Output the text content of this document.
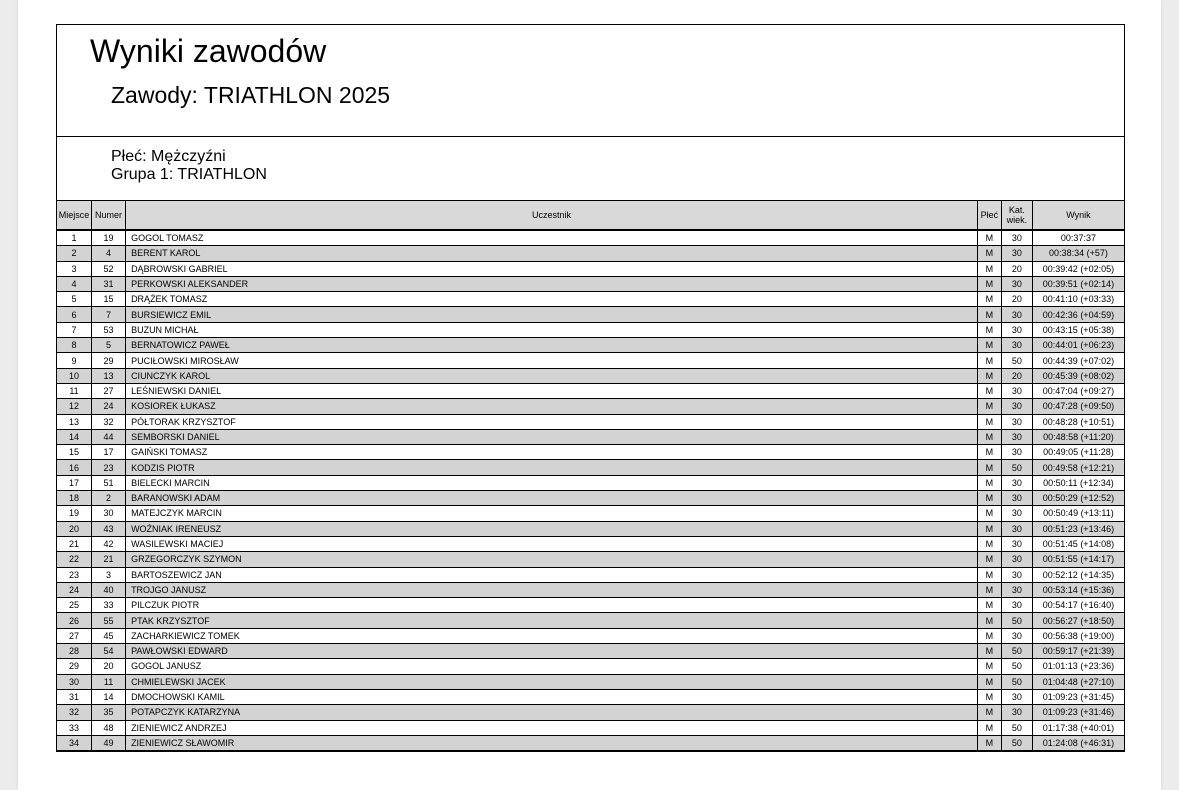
Wyniki zawodów
Zawody: TRIATHLON 2025
Płeć: Mężczyźni
Grupa 1: TRIATHLON
Miejsce	Numer	Uczestnik	Płeć	Kat. wiek.	Wynik
1	19	GOGOL TOMASZ	M	30	00:37:37
2	4	BERENT KAROL	M	30	00:38:34 (+57)
3	52	DĄBROWSKI GABRIEL	M	20	00:39:42 (+02:05)
4	31	PERKOWSKI ALEKSANDER	M	30	00:39:51 (+02:14)
5	15	DRĄŻEK TOMASZ	M	20	00:41:10 (+03:33)
6	7	BURSIEWICZ EMIL	M	30	00:42:36 (+04:59)
7	53	BUZUN MICHAŁ	M	30	00:43:15 (+05:38)
8	5	BERNATOWICZ PAWEŁ	M	30	00:44:01 (+06:23)
9	29	PUCIŁOWSKI MIROSŁAW	M	50	00:44:39 (+07:02)
10	13	CIUNCZYK KAROL	M	20	00:45:39 (+08:02)
11	27	LEŚNIEWSKI DANIEL	M	30	00:47:04 (+09:27)
12	24	KOSIOREK ŁUKASZ	M	30	00:47:28 (+09:50)
13	32	PÓŁTORAK KRZYSZTOF	M	30	00:48:28 (+10:51)
14	44	SEMBORSKI DANIEL	M	30	00:48:58 (+11:20)
15	17	GAIŃSKI TOMASZ	M	30	00:49:05 (+11:28)
16	23	KODZIS PIOTR	M	50	00:49:58 (+12:21)
17	51	BIELECKI MARCIN	M	30	00:50:11 (+12:34)
18	2	BARANOWSKI ADAM	M	30	00:50:29 (+12:52)
19	30	MATEJCZYK MARCIN	M	30	00:50:49 (+13:11)
20	43	WOŹNIAK IRENEUSZ	M	30	00:51:23 (+13:46)
21	42	WASILEWSKI MACIEJ	M	30	00:51:45 (+14:08)
22	21	GRZEGORCZYK SZYMON	M	30	00:51:55 (+14:17)
23	3	BARTOSZEWICZ JAN	M	30	00:52:12 (+14:35)
24	40	TROJGO JANUSZ	M	30	00:53:14 (+15:36)
25	33	PILCZUK PIOTR	M	30	00:54:17 (+16:40)
26	55	PTAK KRZYSZTOF	M	50	00:56:27 (+18:50)
27	45	ZACHARKIEWICZ TOMEK	M	30	00:56:38 (+19:00)
28	54	PAWŁOWSKI EDWARD	M	50	00:59:17 (+21:39)
29	20	GOGOL JANUSZ	M	50	01:01:13 (+23:36)
30	11	CHMIELEWSKI JACEK	M	50	01:04:48 (+27:10)
31	14	DMOCHOWSKI KAMIL	M	30	01:09:23 (+31:45)
32	35	POTAPCZYK KATARZYNA	M	30	01:09:23 (+31:46)
33	48	ZIENIEWICZ ANDRZEJ	M	50	01:17:38 (+40:01)
34	49	ZIENIEWICZ SŁAWOMIR	M	50	01:24:08 (+46:31)
